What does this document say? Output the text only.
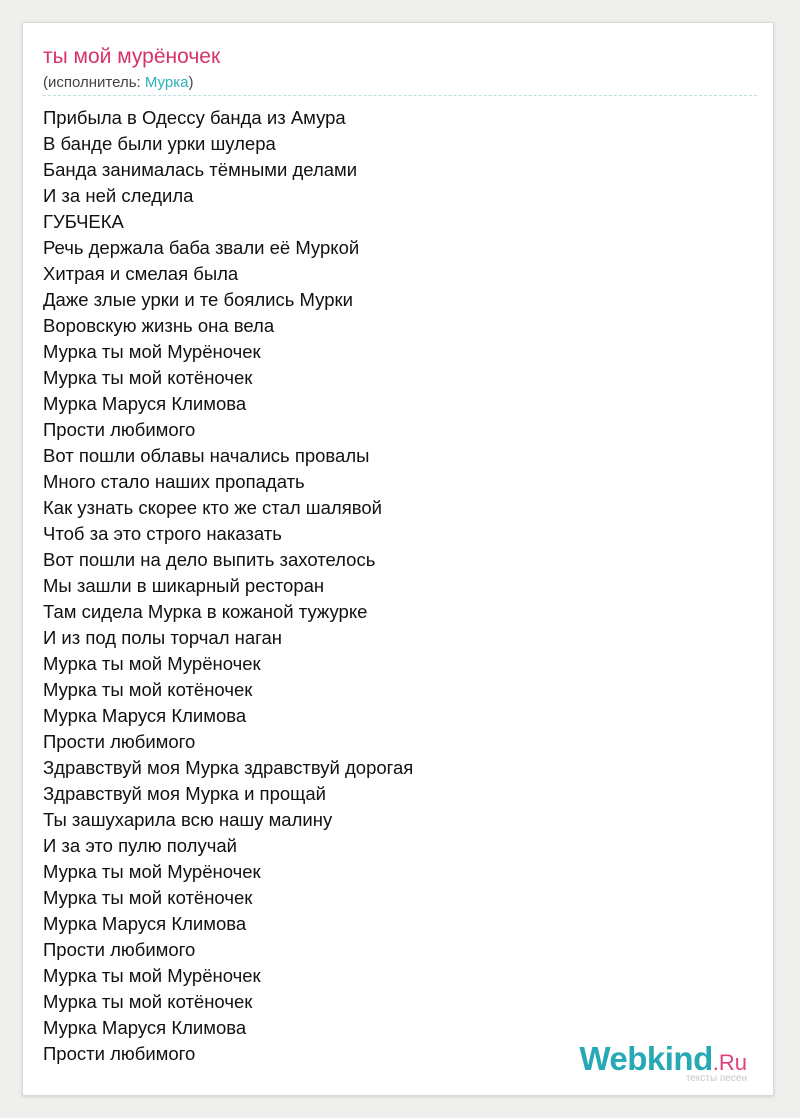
ты мой мурёночек
(исполнитель: Мурка)
Прибыла в Одессу банда из Амура
В банде были урки шулера
Банда занималась тёмными делами
И за ней следила
ГУБЧЕКА
Речь держала баба звали её Муркой
Хитрая и смелая была
Даже злые урки и те боялись Мурки
Воровскую жизнь она вела
Мурка ты мой Мурёночек
Мурка ты мой котёночек
Мурка Маруся Климова
Прости любимого
Вот пошли облавы начались провалы
Много стало наших пропадать
Как узнать скорее кто же стал шалявой
Чтоб за это строго наказать
Вот пошли на дело выпить захотелось
Мы зашли в шикарный ресторан
Там сидела Мурка в кожаной тужурке
И из под полы торчал наган
Мурка ты мой Мурёночек
Мурка ты мой котёночек
Мурка Маруся Климова
Прости любимого
Здравствуй моя Мурка здравствуй дорогая
Здравствуй моя Мурка и прощай
Ты зашухарила всю нашу малину
И за это пулю получай
Мурка ты мой Мурёночек
Мурка ты мой котёночек
Мурка Маруся Климова
Прости любимого
Мурка ты мой Мурёночек
Мурка ты мой котёночек
Мурка Маруся Климова
Прости любимого	Webkind.Ru
тексты песен
